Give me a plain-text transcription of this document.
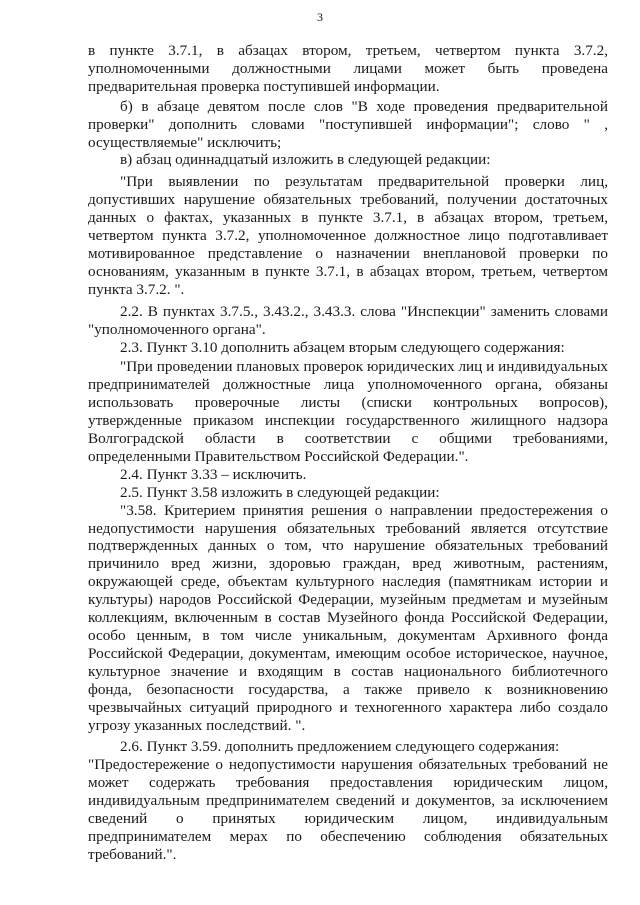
3

в пункте 3.7.1, в абзацах втором, третьем, четвертом пункта 3.7.2, уполномоченными должностными лицами может быть проведена предварительная проверка поступившей информации.

б) в абзаце девятом после слов "В ходе проведения предварительной проверки" дополнить словами "поступившей информации"; слово " , осуществляемые" исключить;

в) абзац одиннадцатый изложить в следующей редакции:

"При выявлении по результатам предварительной проверки лиц, допустивших нарушение обязательных требований, получении достаточных данных о фактах, указанных в пункте 3.7.1, в абзацах втором, третьем, четвертом пункта 3.7.2, уполномоченное должностное лицо подготавливает мотивированное представление о назначении внеплановой проверки по основаниям, указанным в пункте 3.7.1, в абзацах втором, третьем, четвертом пункта 3.7.2. ".

2.2. В пунктах 3.7.5., 3.43.2., 3.43.3. слова "Инспекции" заменить словами "уполномоченного органа".

2.3. Пункт 3.10 дополнить абзацем вторым следующего содержания:

"При проведении плановых проверок юридических лиц и индивидуальных предпринимателей должностные лица уполномоченного органа, обязаны использовать проверочные листы (списки контрольных вопросов), утвержденные приказом инспекции государственного жилищного надзора Волгоградской области в соответствии с общими требованиями, определенными Правительством Российской Федерации.".

2.4. Пункт 3.33 – исключить.

2.5. Пункт 3.58 изложить в следующей редакции:

"3.58. Критерием принятия решения о направлении предостережения о недопустимости нарушения обязательных требований является отсутствие подтвержденных данных о том, что нарушение обязательных требований причинило вред жизни, здоровью граждан, вред животным, растениям, окружающей среде, объектам культурного наследия (памятникам истории и культуры) народов Российской Федерации, музейным предметам и музейным коллекциям, включенным в состав Музейного фонда Российской Федерации, особо ценным, в том числе уникальным, документам Архивного фонда Российской Федерации, документам, имеющим особое историческое, научное, культурное значение и входящим в состав национального библиотечного фонда, безопасности государства, а также привело к возникновению чрезвычайных ситуаций природного и техногенного характера либо создало угрозу указанных последствий. ".

2.6. Пункт 3.59. дополнить предложением следующего содержания:

"Предостережение о недопустимости нарушения обязательных требований не может содержать требования предоставления юридическим лицом, индивидуальным предпринимателем сведений и документов, за исключением сведений о принятых юридическим лицом, индивидуальным предпринимателем мерах по обеспечению соблюдения обязательных требований.".
